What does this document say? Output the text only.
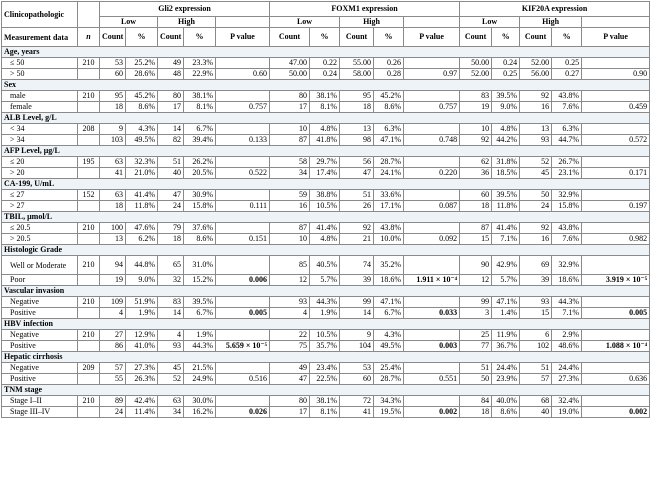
Clinicopathologic		Gli2 expression					FOXM1 expression					KIF20A expression				
		Low		High			Low		High			Low		High		
Measurement data	n	Count	%	Count	%	P value	Count	%	Count	%	P value	Count	%	Count	%	P value
Age, years																
≤ 50	210	53	25.2%	49	23.3%		47.00	0.22	55.00	0.26		50.00	0.24	52.00	0.25	
> 50		60	28.6%	48	22.9%	0.60	50.00	0.24	58.00	0.28	0.97	52.00	0.25	56.00	0.27	0.90
Sex																
male	210	95	45.2%	80	38.1%		80	38.1%	95	45.2%		83	39.5%	92	43.8%	
female		18	8.6%	17	8.1%	0.757	17	8.1%	18	8.6%	0.757	19	9.0%	16	7.6%	0.459
ALB Level, g/L																
< 34	208	9	4.3%	14	6.7%		10	4.8%	13	6.3%		10	4.8%	13	6.3%	
> 34		103	49.5%	82	39.4%	0.133	87	41.8%	98	47.1%	0.748	92	44.2%	93	44.7%	0.572
AFP Level, μg/L																
≤ 20	195	63	32.3%	51	26.2%		58	29.7%	56	28.7%		62	31.8%	52	26.7%	
> 20		41	21.0%	40	20.5%	0.522	34	17.4%	47	24.1%	0.220	36	18.5%	45	23.1%	0.171
CA-199, U/mL																
≤ 27	152	63	41.4%	47	30.9%		59	38.8%	51	33.6%		60	39.5%	50	32.9%	
> 27		18	11.8%	24	15.8%	0.111	16	10.5%	26	17.1%	0.087	18	11.8%	24	15.8%	0.197
TBIL, μmol/L																
≤ 20.5	210	100	47.6%	79	37.6%		87	41.4%	92	43.8%		87	41.4%	92	43.8%	
> 20.5		13	6.2%	18	8.6%	0.151	10	4.8%	21	10.0%	0.092	15	7.1%	16	7.6%	0.982
Histologic Grade																
Well or Moderate	210	94	44.8%	65	31.0%		85	40.5%	74	35.2%		90	42.9%	69	32.9%	
Poor		19	9.0%	32	15.2%	0.006	12	5.7%	39	18.6%	1.911 × 10⁻⁴	12	5.7%	39	18.6%	3.919 × 10⁻⁵
Vascular invasion																
Negative	210	109	51.9%	83	39.5%		93	44.3%	99	47.1%		99	47.1%	93	44.3%	
Positive		4	1.9%	14	6.7%	0.005	4	1.9%	14	6.7%	0.033	3	1.4%	15	7.1%	0.005
HBV infection																
Negative	210	27	12.9%	4	1.9%		22	10.5%	9	4.3%		25	11.9%	6	2.9%	
Positive		86	41.0%	93	44.3%	5.659 × 10⁻⁵	75	35.7%	104	49.5%	0.003	77	36.7%	102	48.6%	1.088 × 10⁻⁴
Hepatic cirrhosis																
Negative	209	57	27.3%	45	21.5%		49	23.4%	53	25.4%		51	24.4%	51	24.4%	
Positive		55	26.3%	52	24.9%	0.516	47	22.5%	60	28.7%	0.551	50	23.9%	57	27.3%	0.636
TNM stage																
Stage I–II	210	89	42.4%	63	30.0%		80	38.1%	72	34.3%		84	40.0%	68	32.4%	
Stage III–IV		24	11.4%	34	16.2%	0.026	17	8.1%	41	19.5%	0.002	18	8.6%	40	19.0%	0.002
